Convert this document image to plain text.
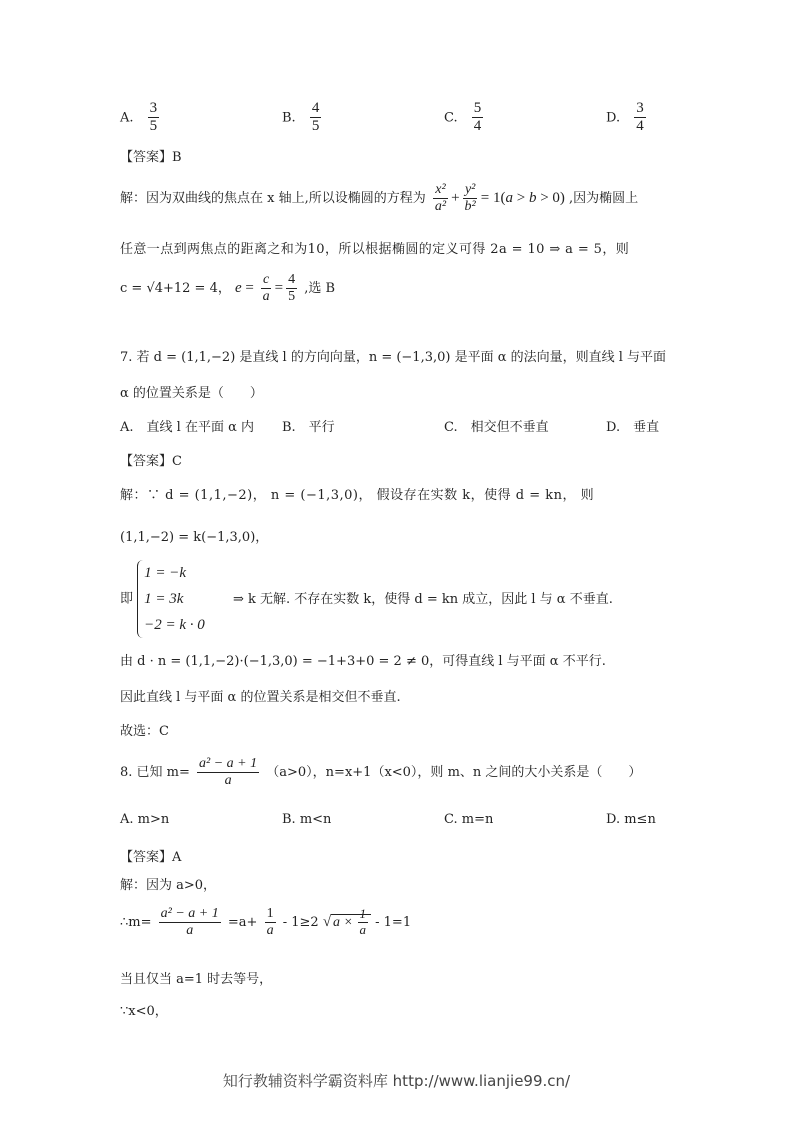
A. $\frac{3}{5}$	B. $\frac{4}{5}$	C. $\frac{5}{4}$	D. $\frac{3}{4}$
【答案】B
解：因为双曲线的焦点在 x 轴上,所以设椭圆的方程为 $\frac{\text{x²}}{\text{a²}} + \frac{\text{y²}}{\text{b²}} = 1(a > b > 0)$ ,因为椭圆上
任意一点到两焦点的距离之和为10，所以根据椭圆的定义可得 2a = 10 ⇒ a = 5，则
c = √4+12 = 4， $e = \frac{c}{a} = \frac{4}{5}$ ,选 B
7. 若 d = (1,1,−2) 是直线 l 的方向向量，n = (−1,3,0) 是平面 α 的法向量，则直线 l 与平面
α 的位置关系是（　　）
A.　直线 l 在平面 α 内 B.　平行	C.　相交但不垂直	D.　垂直
【答案】C
解：∵ d = (1,1,−2)， n = (−1,3,0)， 假设存在实数 k，使得 d = kn， 则
(1,1,−2) = k(−1,3,0)，
即
1 = −k
1 = 3k
−2 = k · 0
⇒ k 无解. 不存在实数 k，使得 d = kn 成立，因此 l 与 α 不垂直.
由 d · n = (1,1,−2)·(−1,3,0) = −1+3+0 = 2 ≠ 0，可得直线 l 与平面 α 不平行.
因此直线 l 与平面 α 的位置关系是相交但不垂直.
故选：C
8. 已知 $m= \frac{\text{a² − a + 1}}{a} (a>0)$，n=x+1（x<0），则 m、n 之间的大小关系是（　　）
A. m>n	B. m<n	C. m=n	D. m≤n
【答案】A
解：因为 a>0，
∴m= $\frac{\text{a² − a + 1}}{a} =a+ \frac{1}{a} - 1\ge 2$ √ $a \times \frac{1}{a} - 1=1$
当且仅当 a=1 时去等号，
∵x<0，
知行教辅资料学霸资料库 http://www.lianjie99.cn/
